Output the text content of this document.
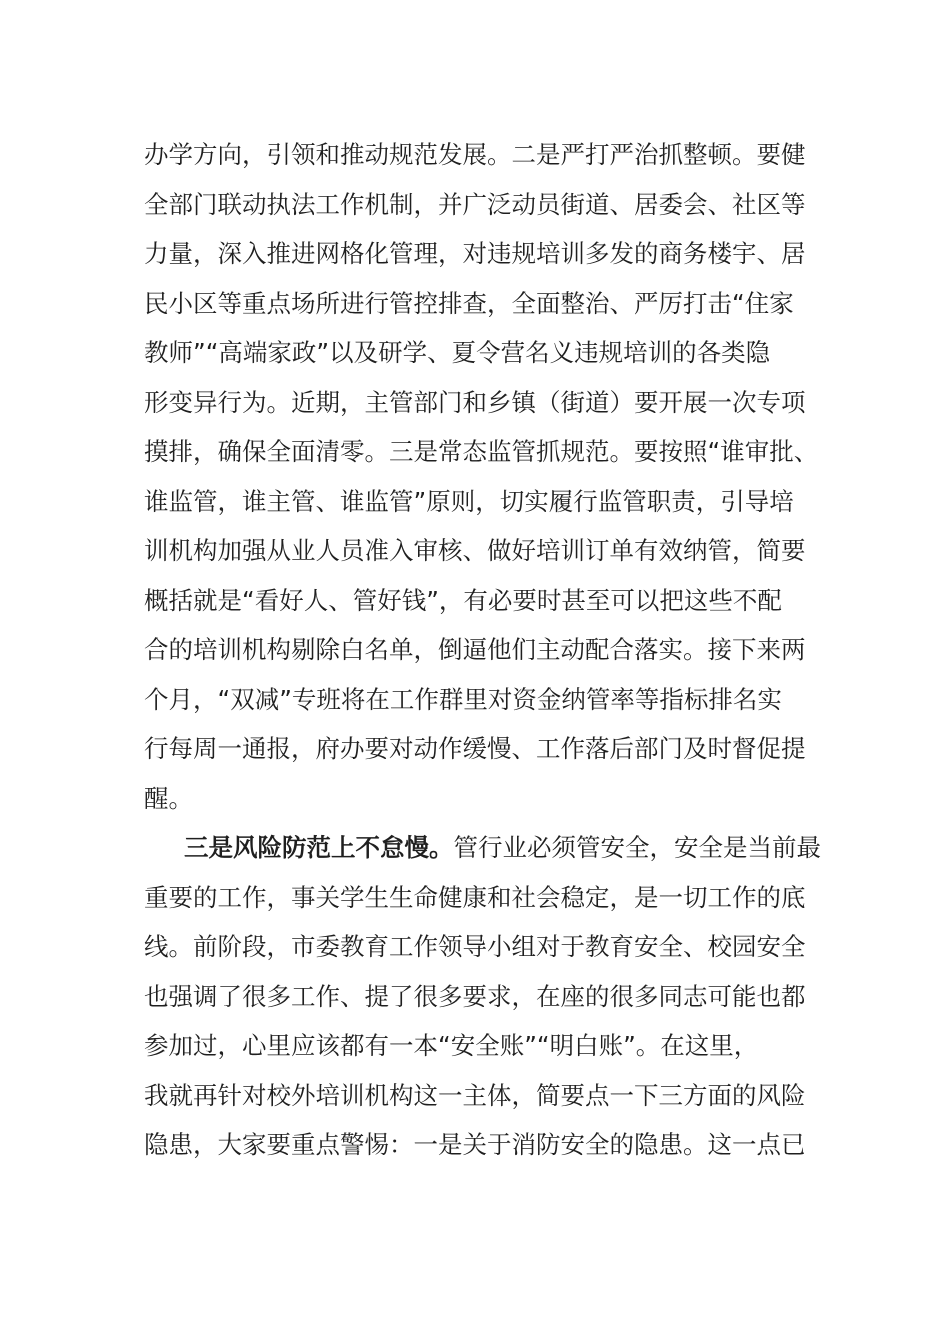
办学方向，引领和推动规范发展。二是严打严治抓整顿。要健
全部门联动执法工作机制，并广泛动员街道、居委会、社区等
力量，深入推进网格化管理，对违规培训多发的商务楼宇、居
民小区等重点场所进行管控排查，全面整治、严厉打击“住家
教师”“高端家政”以及研学、夏令营名义违规培训的各类隐
形变异行为。近期，主管部门和乡镇（街道）要开展一次专项
摸排，确保全面清零。三是常态监管抓规范。要按照“谁审批、
谁监管，谁主管、谁监管”原则，切实履行监管职责，引导培
训机构加强从业人员准入审核、做好培训订单有效纳管，简要
概括就是“看好人、管好钱”，有必要时甚至可以把这些不配
合的培训机构剔除白名单，倒逼他们主动配合落实。接下来两
个月，“双减”专班将在工作群里对资金纳管率等指标排名实
行每周一通报，府办要对动作缓慢、工作落后部门及时督促提
醒。
三是风险防范上不怠慢。管行业必须管安全，安全是当前最
重要的工作，事关学生生命健康和社会稳定，是一切工作的底
线。前阶段，市委教育工作领导小组对于教育安全、校园安全
也强调了很多工作、提了很多要求，在座的很多同志可能也都
参加过，心里应该都有一本“安全账”“明白账”。在这里，
我就再针对校外培训机构这一主体，简要点一下三方面的风险
隐患，大家要重点警惕：一是关于消防安全的隐患。这一点已
